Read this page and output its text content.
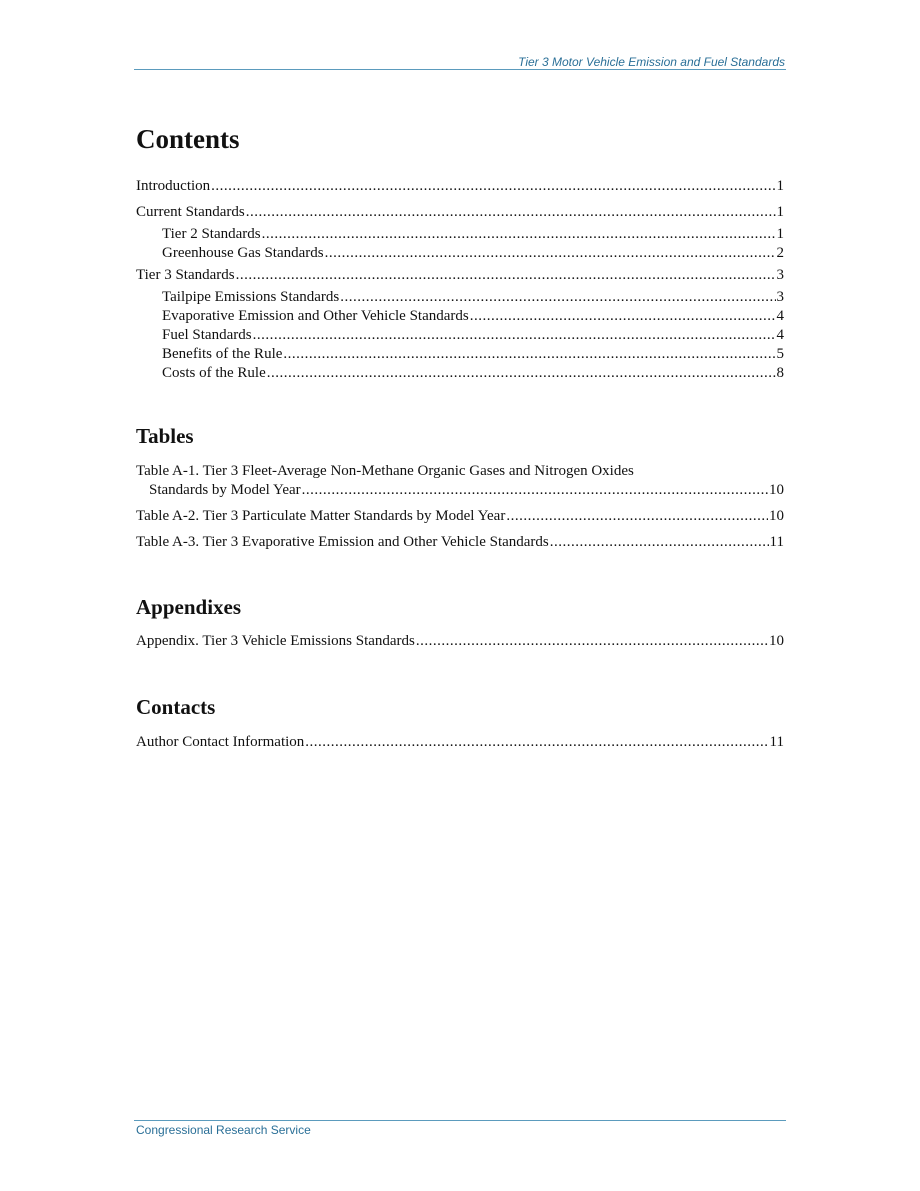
Tier 3 Motor Vehicle Emission and Fuel Standards
Contents
Introduction .....	1
Current Standards .....	1
Tier 2 Standards .....	1
Greenhouse Gas Standards .....	2
Tier 3 Standards .....	3
Tailpipe Emissions Standards .....	3
Evaporative Emission and Other Vehicle Standards .....	4
Fuel Standards .....	4
Benefits of the Rule .....	5
Costs of the Rule .....	8
Tables
Table A-1. Tier 3 Fleet-Average Non-Methane Organic Gases and Nitrogen Oxides
Standards by Model Year .....	10
Table A-2. Tier 3 Particulate Matter Standards by Model Year .....	10
Table A-3. Tier 3 Evaporative Emission and Other Vehicle Standards .....	11
Appendixes
Appendix. Tier 3 Vehicle Emissions Standards .....	10
Contacts
Author Contact Information .....	11
Congressional Research Service
